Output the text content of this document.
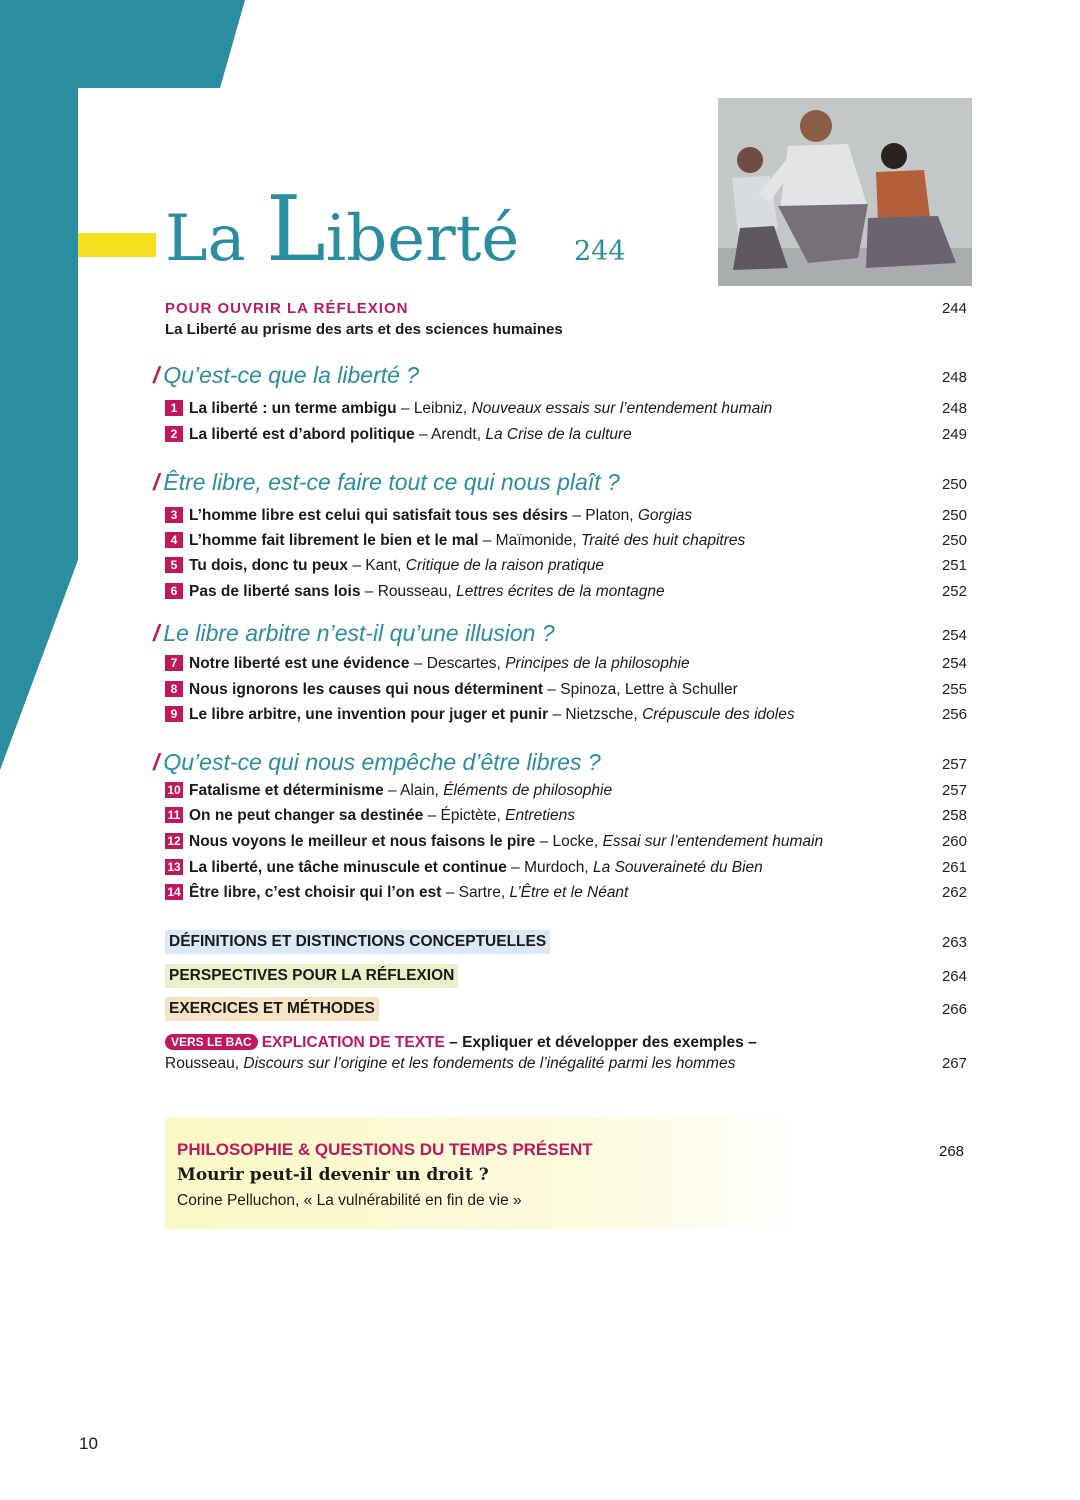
La Liberté 244
POUR OUVRIR LA RÉFLEXION
La Liberté au prisme des arts et des sciences humaines
244
/ Qu’est-ce que la liberté ?	248
1 La liberté : un terme ambigu – Leibniz, Nouveaux essais sur l’entendement humain	248
2 La liberté est d’abord politique – Arendt, La Crise de la culture	249
/ Être libre, est-ce faire tout ce qui nous plaît ?	250
3 L’homme libre est celui qui satisfait tous ses désirs – Platon, Gorgias	250
4 L’homme fait librement le bien et le mal – Maïmonide, Traité des huit chapitres	250
5 Tu dois, donc tu peux – Kant, Critique de la raison pratique	251
6 Pas de liberté sans lois – Rousseau, Lettres écrites de la montagne	252
/ Le libre arbitre n’est-il qu’une illusion ?	254
7 Notre liberté est une évidence – Descartes, Principes de la philosophie	254
8 Nous ignorons les causes qui nous déterminent – Spinoza, Lettre à Schuller	255
9 Le libre arbitre, une invention pour juger et punir – Nietzsche, Crépuscule des idoles	256
/ Qu’est-ce qui nous empêche d’être libres ?	257
10 Fatalisme et déterminisme – Alain, Éléments de philosophie	257
11 On ne peut changer sa destinée – Épictète, Entretiens	258
12 Nous voyons le meilleur et nous faisons le pire – Locke, Essai sur l’entendement humain	260
13 La liberté, une tâche minuscule et continue – Murdoch, La Souveraineté du Bien	261
14 Être libre, c’est choisir qui l’on est – Sartre, L’Être et le Néant	262
DÉFINITIONS ET DISTINCTIONS CONCEPTUELLES	263
PERSPECTIVES POUR LA RÉFLEXION	264
EXERCICES ET MÉTHODES	266
VERS LE BAC EXPLICATION DE TEXTE – Expliquer et développer des exemples –
Rousseau, Discours sur l’origine et les fondements de l’inégalité parmi les hommes	267
PHILOSOPHIE & QUESTIONS DU TEMPS PRÉSENT
Mourir peut-il devenir un droit ?
Corine Pelluchon, « La vulnérabilité en fin de vie »
268
10
